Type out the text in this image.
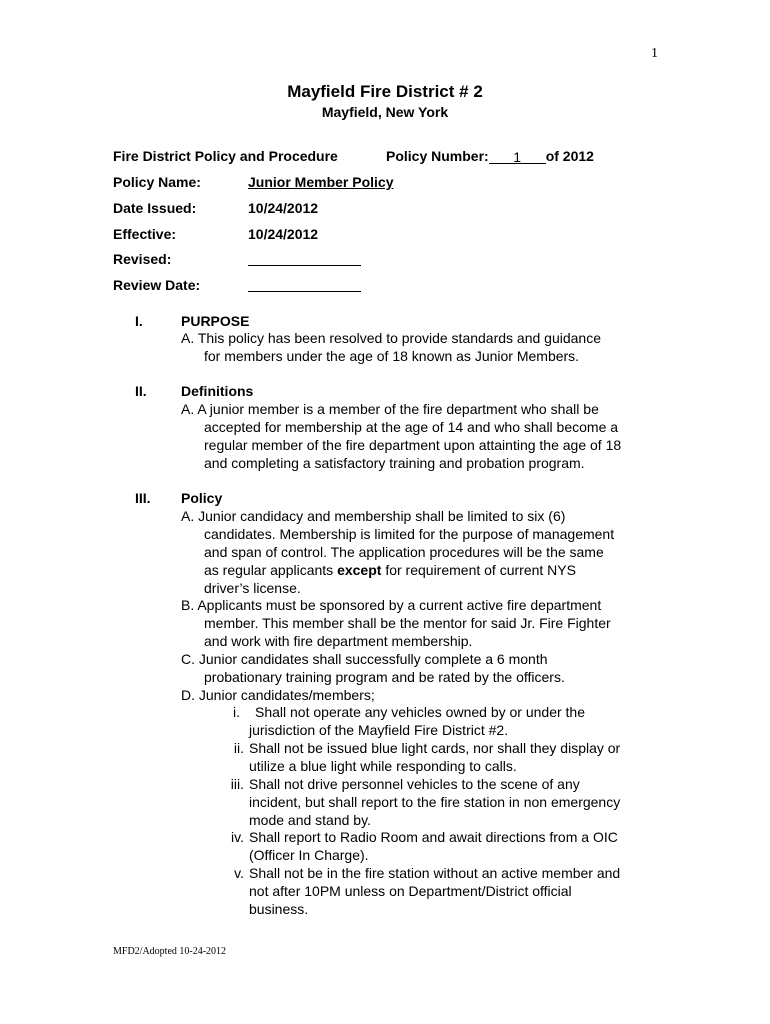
1
Mayfield Fire District # 2
Mayfield, New York
Fire District Policy and Procedure	Policy Number: 1 of 2012
Policy Name:	Junior Member Policy
Date Issued:	10/24/2012
Effective:	10/24/2012
Revised:
Review Date:
I.	PURPOSE
A. This policy has been resolved to provide standards and guidance
for members under the age of 18 known as Junior Members.
II. Definitions
A. A junior member is a member of the fire department who shall be
accepted for membership at the age of 14 and who shall become a
regular member of the fire department upon attainting the age of 18
and completing a satisfactory training and probation program.
III. Policy
A. Junior candidacy and membership shall be limited to six (6)
candidates. Membership is limited for the purpose of management
and span of control. The application procedures will be the same
as regular applicants except for requirement of current NYS
driver’s license.
B. Applicants must be sponsored by a current active fire department
member. This member shall be the mentor for said Jr. Fire Fighter
and work with fire department membership.
C. Junior candidates shall successfully complete a 6 month
probationary training program and be rated by the officers.
D. Junior candidates/members;
i. Shall not operate any vehicles owned by or under the
jurisdiction of the Mayfield Fire District #2.
ii. Shall not be issued blue light cards, nor shall they display or
utilize a blue light while responding to calls.
iii. Shall not drive personnel vehicles to the scene of any
incident, but shall report to the fire station in non emergency
mode and stand by.
iv. Shall report to Radio Room and await directions from a OIC
(Officer In Charge).
v. Shall not be in the fire station without an active member and
not after 10PM unless on Department/District official
business.
MFD2/Adopted 10-24-2012
